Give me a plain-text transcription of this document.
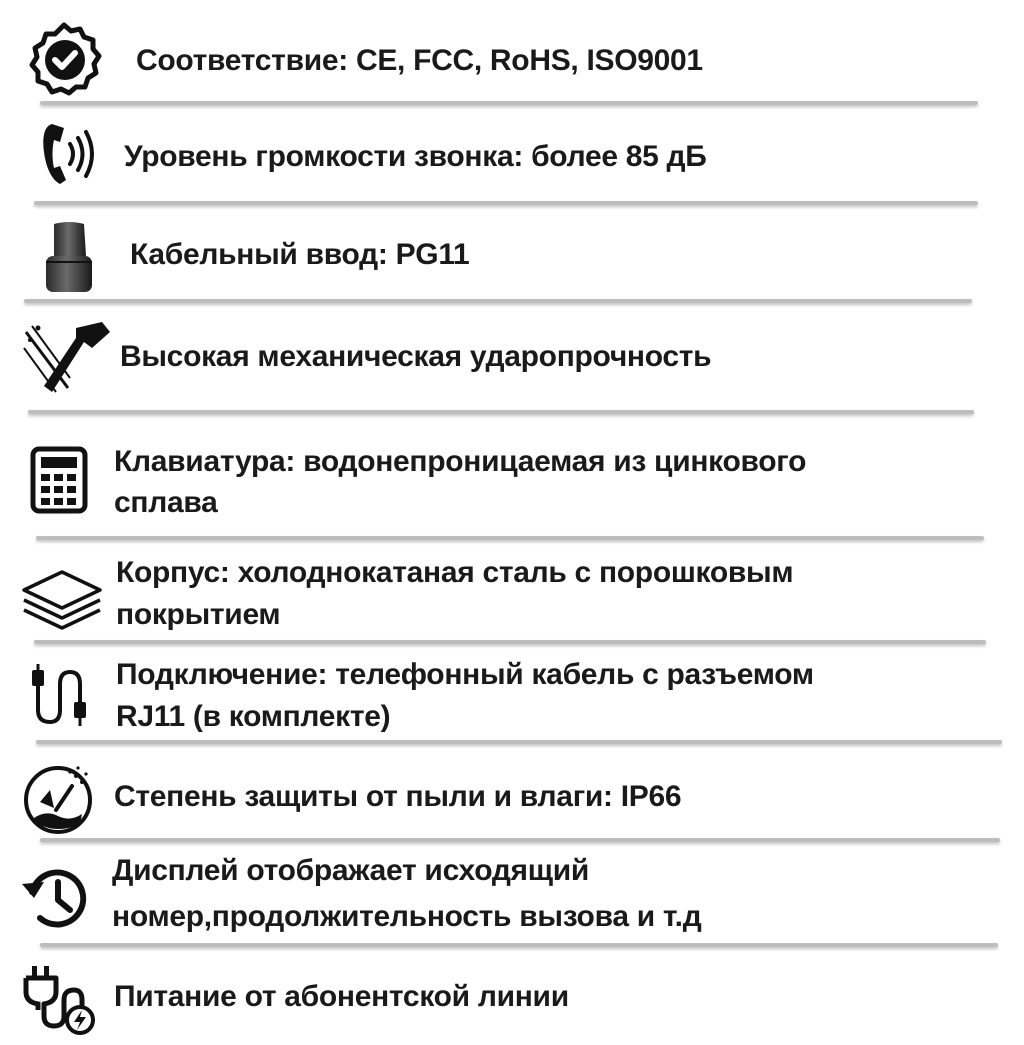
Соответствие: CE, FCC, RoHS, ISO9001
Уровень громкости звонка: более 85 дБ
Кабельный ввод: PG11
Высокая механическая ударопрочность
Клавиатура: водонепроницаемая из цинкового
сплава
Корпус: холоднокатаная сталь с порошковым
покрытием
Подключение: телефонный кабель с разъемом
RJ11 (в комплекте)
Степень защиты от пыли и влаги: IP66
Дисплей отображает исходящий
номер,продолжительность вызова и т.д
Питание от абонентской линии
